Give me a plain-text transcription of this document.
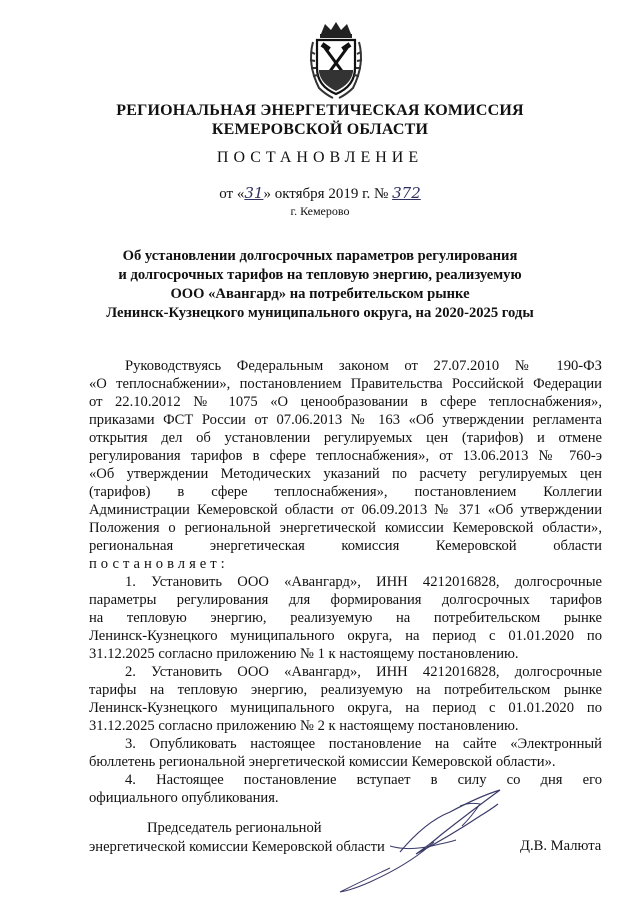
РЕГИОНАЛЬНАЯ ЭНЕРГЕТИЧЕСКАЯ КОМИССИЯ
КЕМЕРОВСКОЙ ОБЛАСТИ
ПОСТАНОВЛЕНИЕ
от «31» октября 2019 г. № 372
г. Кемерово
Об установлении долгосрочных параметров регулирования
и долгосрочных тарифов на тепловую энергию, реализуемую
ООО «Авангард» на потребительском рынке
Ленинск-Кузнецкого муниципального округа, на 2020-2025 годы
Руководствуясь Федеральным законом от 27.07.2010 № 190-ФЗ
«О теплоснабжении», постановлением Правительства Российской Федерации
от 22.10.2012 № 1075 «О ценообразовании в сфере теплоснабжения»,
приказами ФСТ России от 07.06.2013 № 163 «Об утверждении регламента
открытия дел об установлении регулируемых цен (тарифов) и отмене
регулирования тарифов в сфере теплоснабжения», от 13.06.2013 № 760-э
«Об утверждении Методических указаний по расчету регулируемых цен
(тарифов) в сфере теплоснабжения», постановлением Коллегии
Администрации Кемеровской области от 06.09.2013 № 371 «Об утверждении
Положения о региональной энергетической комиссии Кемеровской области»,
региональная энергетическая комиссия Кемеровской области
постановляет:
1. Установить ООО «Авангард», ИНН 4212016828, долгосрочные
параметры регулирования для формирования долгосрочных тарифов
на тепловую энергию, реализуемую на потребительском рынке
Ленинск-Кузнецкого муниципального округа, на период с 01.01.2020 по
31.12.2025 согласно приложению № 1 к настоящему постановлению.
2. Установить ООО «Авангард», ИНН 4212016828, долгосрочные
тарифы на тепловую энергию, реализуемую на потребительском рынке
Ленинск-Кузнецкого муниципального округа, на период с 01.01.2020 по
31.12.2025 согласно приложению № 2 к настоящему постановлению.
3. Опубликовать настоящее постановление на сайте «Электронный
бюллетень региональной энергетической комиссии Кемеровской области».
4. Настоящее постановление вступает в силу со дня его
официального опубликования.
Председатель региональной
энергетической комиссии Кемеровской области	Д.В. Малюта
